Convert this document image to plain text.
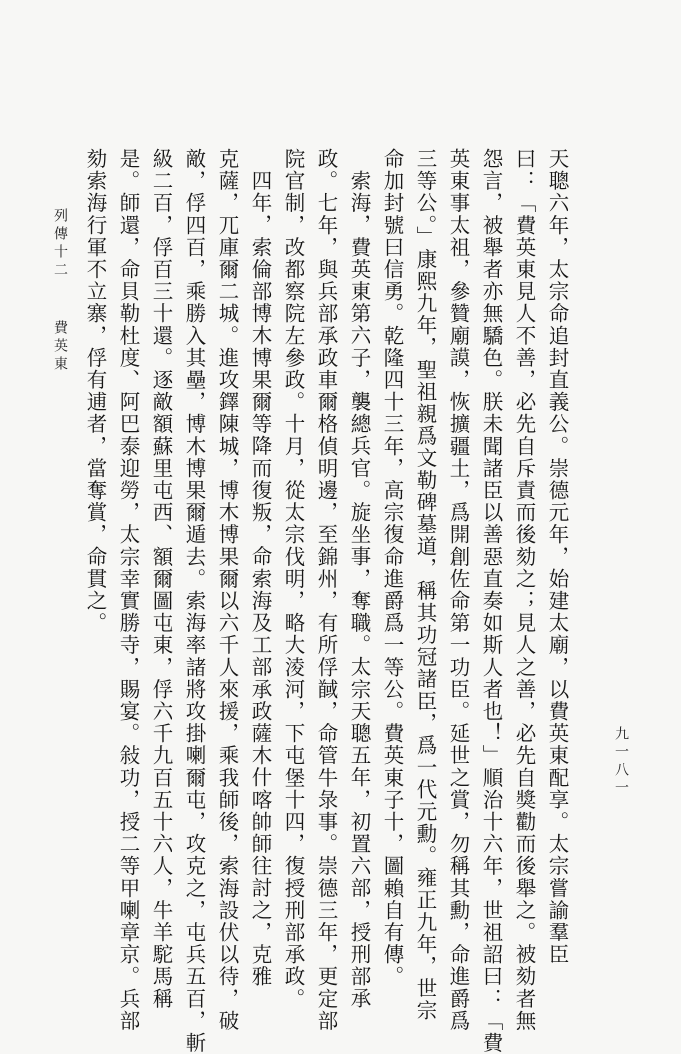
天聰六年，太宗命追封直義公。崇德元年，始建太廟，以費英東配享。太宗嘗諭羣臣
曰：「費英東見人不善，必先自斥責而後劾之；見人之善，必先自獎勸而後舉之。被劾者無
怨言，被舉者亦無驕色。朕未聞諸臣以善惡直奏如斯人者也！」順治十六年，世祖詔曰：「費
英東事太祖，參贊廟謨，恢擴疆土，爲開創佐命第一功臣。延世之賞，勿稱其勳，命進爵爲
三等公。」康熙九年，聖祖親爲文勒碑墓道，稱其功冠諸臣，爲一代元勳。雍正九年，世宗
命加封號曰信勇。乾隆四十三年，高宗復命進爵爲一等公。費英東子十，圖賴自有傳。
索海，費英東第六子，襲總兵官。旋坐事，奪職。太宗天聰五年，初置六部，授刑部承
政。七年，與兵部承政車爾格偵明邊，至錦州，有所俘馘，命管牛彔事。崇德三年，更定部
院官制，改都察院左參政。十月，從太宗伐明，略大淩河，下屯堡十四，復授刑部承政。
四年，索倫部博木博果爾等降而復叛，命索海及工部承政薩木什喀帥師往討之，克雅
克薩，兀庫爾二城。進攻鐸陳城，博木博果爾以六千人來援，乘我師後，索海設伏以待，破
敵，俘四百，乘勝入其壘，博木博果爾遁去。索海率諸將攻掛喇爾屯，攻克之，屯兵五百，斬
級二百，俘百三十還。逐敵額蘇里屯西、額爾圖屯東，俘六千九百五十六人，牛羊駝馬稱
是。師還，命貝勒杜度、阿巴泰迎勞，太宗幸實勝寺，賜宴。敍功，授二等甲喇章京。兵部
劾索海行軍不立寨，俘有逋者，當奪賞，命貫之。
列傳十二
費英東
九一八一
